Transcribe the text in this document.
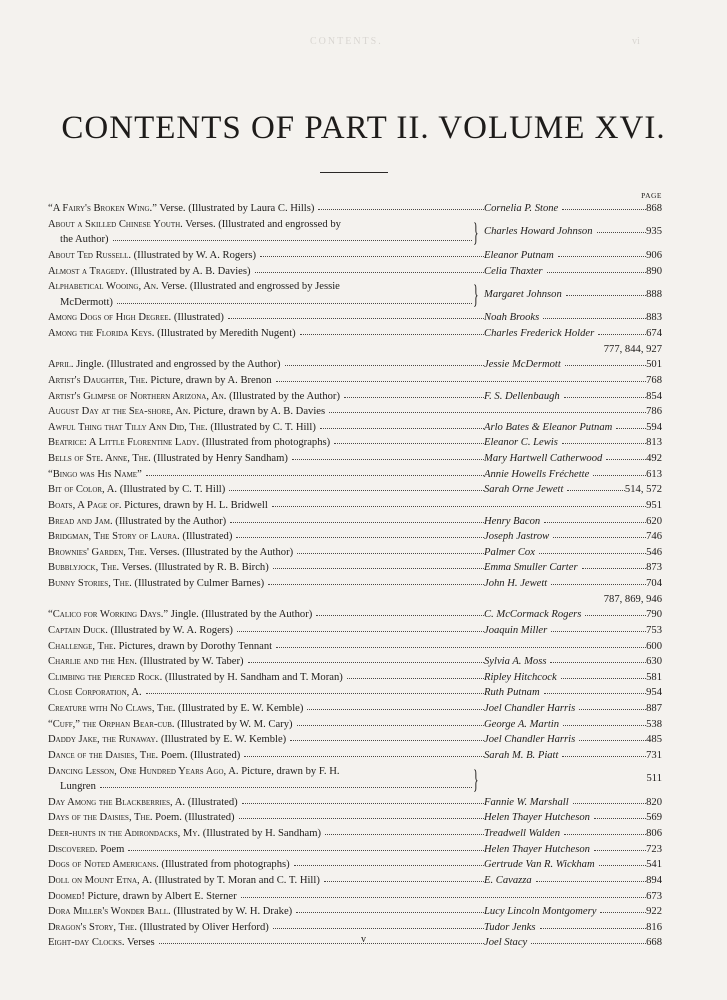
CONTENTS.	vi
CONTENTS OF PART II. VOLUME XVI.
PAGE
“A Fairy's Broken Wing.” Verse. (Illustrated by Laura C. Hills)	Cornelia P. Stone	868
About a Skilled Chinese Youth. Verses. (Illustrated and engrossed by
the Author)	} Charles Howard Johnson	935
About Ted Russell. (Illustrated by W. A. Rogers)	Eleanor Putnam	906
Almost a Tragedy. (Illustrated by A. B. Davies)	Celia Thaxter	890
Alphabetical Wooing, An. Verse. (Illustrated and engrossed by Jessie
McDermott)	} Margaret Johnson	888
Among Dogs of High Degree. (Illustrated)	Noah Brooks	883
Among the Florida Keys. (Illustrated by Meredith Nugent)	Charles Frederick Holder	674
777, 844, 927
April. Jingle. (Illustrated and engrossed by the Author)	Jessie McDermott	501
Artist's Daughter, The. Picture, drawn by A. Brenon	768
Artist's Glimpse of Northern Arizona, An. (Illustrated by the Author)	F. S. Dellenbaugh	854
August Day at the Sea-shore, An. Picture, drawn by A. B. Davies	786
Awful Thing that Tilly Ann Did, The. (Illustrated by C. T. Hill)	Arlo Bates & Eleanor Putnam	594
Beatrice: A Little Florentine Lady. (Illustrated from photographs)	Eleanor C. Lewis	813
Bells of Ste. Anne, The. (Illustrated by Henry Sandham)	Mary Hartwell Catherwood	492
“Bingo was His Name”	Annie Howells Fréchette	613
Bit of Color, A. (Illustrated by C. T. Hill)	Sarah Orne Jewett	514, 572
Boats, A Page of. Pictures, drawn by H. L. Bridwell	951
Bread and Jam. (Illustrated by the Author)	Henry Bacon	620
Bridgman, The Story of Laura. (Illustrated)	Joseph Jastrow	746
Brownies' Garden, The. Verses. (Illustrated by the Author)	Palmer Cox	546
Bubblyjock, The. Verses. (Illustrated by R. B. Birch)	Emma Smuller Carter	873
Bunny Stories, The. (Illustrated by Culmer Barnes)	John H. Jewett	704
787, 869, 946
“Calico for Working Days.” Jingle. (Illustrated by the Author)	C. McCormack Rogers	790
Captain Duck. (Illustrated by W. A. Rogers)	Joaquin Miller	753
Challenge, The. Pictures, drawn by Dorothy Tennant	600
Charlie and the Hen. (Illustrated by W. Taber)	Sylvia A. Moss	630
Climbing the Pierced Rock. (Illustrated by H. Sandham and T. Moran)	Ripley Hitchcock	581
Close Corporation, A.	Ruth Putnam	954
Creature with No Claws, The. (Illustrated by E. W. Kemble)	Joel Chandler Harris	887
“Cuff,” the Orphan Bear-cub. (Illustrated by W. M. Cary)	George A. Martin	538
Daddy Jake, the Runaway. (Illustrated by E. W. Kemble)	Joel Chandler Harris	485
Dance of the Daisies, The. Poem. (Illustrated)	Sarah M. B. Piatt	731
Dancing Lesson, One Hundred Years Ago, A. Picture, drawn by F. H.
Lungren	}	511
Day Among the Blackberries, A. (Illustrated)	Fannie W. Marshall	820
Days of the Daisies, The. Poem. (Illustrated)	Helen Thayer Hutcheson	569
Deer-hunts in the Adirondacks, My. (Illustrated by H. Sandham)	Treadwell Walden	806
Discovered. Poem	Helen Thayer Hutcheson	723
Dogs of Noted Americans. (Illustrated from photographs)	Gertrude Van R. Wickham	541
Doll on Mount Etna, A. (Illustrated by T. Moran and C. T. Hill)	E. Cavazza	894
Doomed! Picture, drawn by Albert E. Sterner	673
Dora Miller's Wonder Ball. (Illustrated by W. H. Drake)	Lucy Lincoln Montgomery	922
Dragon's Story, The. (Illustrated by Oliver Herford)	Tudor Jenks	816
Eight-day Clocks. Verses	Joel Stacy	668
v
